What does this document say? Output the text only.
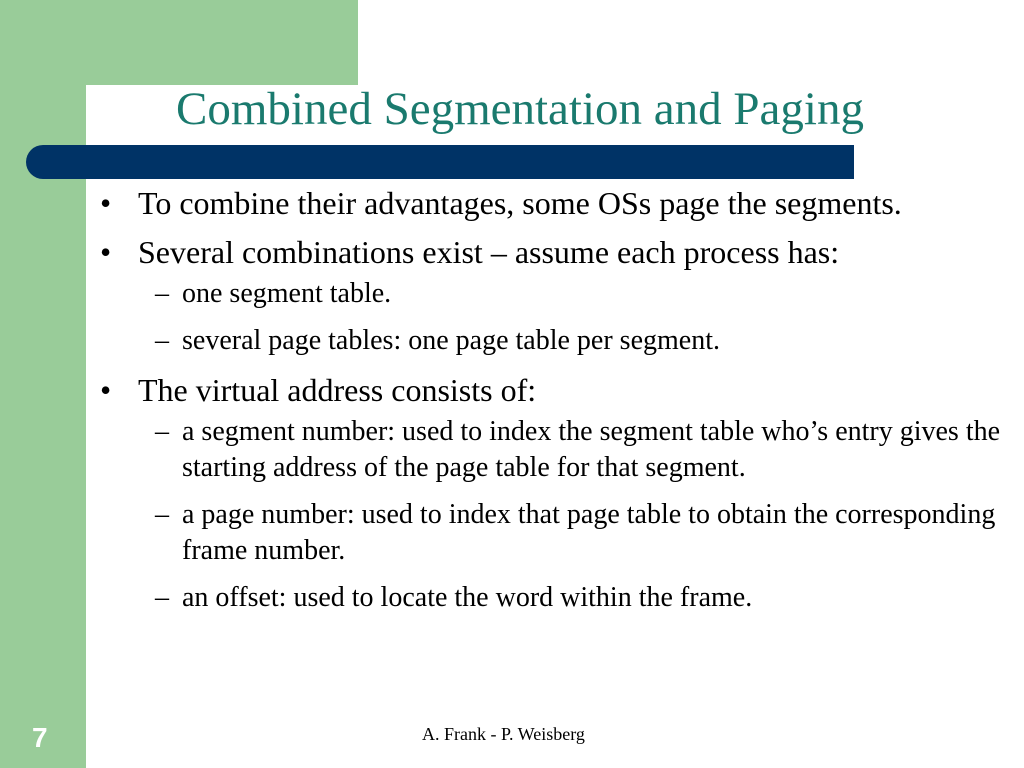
Combined Segmentation and Paging
• To combine their advantages, some OSs page the segments.
• Several combinations exist – assume each process has:
– one segment table.
– several page tables: one page table per segment.
• The virtual address consists of:
– a segment number: used to index the segment table who’s entry gives the starting address of the page table for that segment.
– a page number: used to index that page table to obtain the corresponding frame number.
– an offset: used to locate the word within the frame.
A. Frank - P. Weisberg
7
